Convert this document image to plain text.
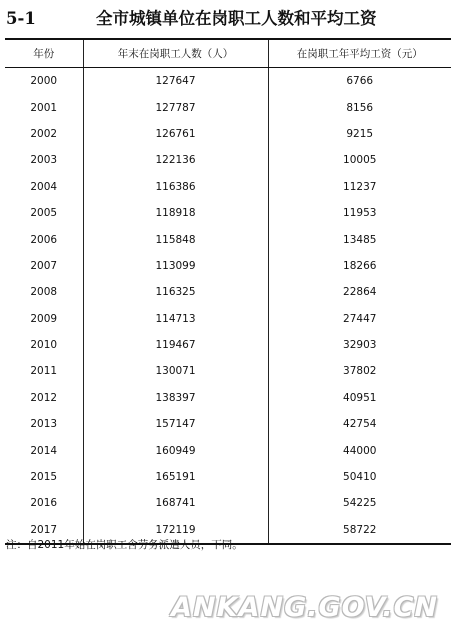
5-1	全市城镇单位在岗职工人数和平均工资
年份	年末在岗职工人数（人）	在岗职工年平均工资（元）
2000	127647	6766
2001	127787	8156
2002	126761	9215
2003	122136	10005
2004	116386	11237
2005	118918	11953
2006	115848	13485
2007	113099	18266
2008	116325	22864
2009	114713	27447
2010	119467	32903
2011	130071	37802
2012	138397	40951
2013	157147	42754
2014	160949	44000
2015	165191	50410
2016	168741	54225
2017	172119	58722
注：自2011年始在岗职工含劳务派遣人员，下同。
ANKANG.GOV.CN
